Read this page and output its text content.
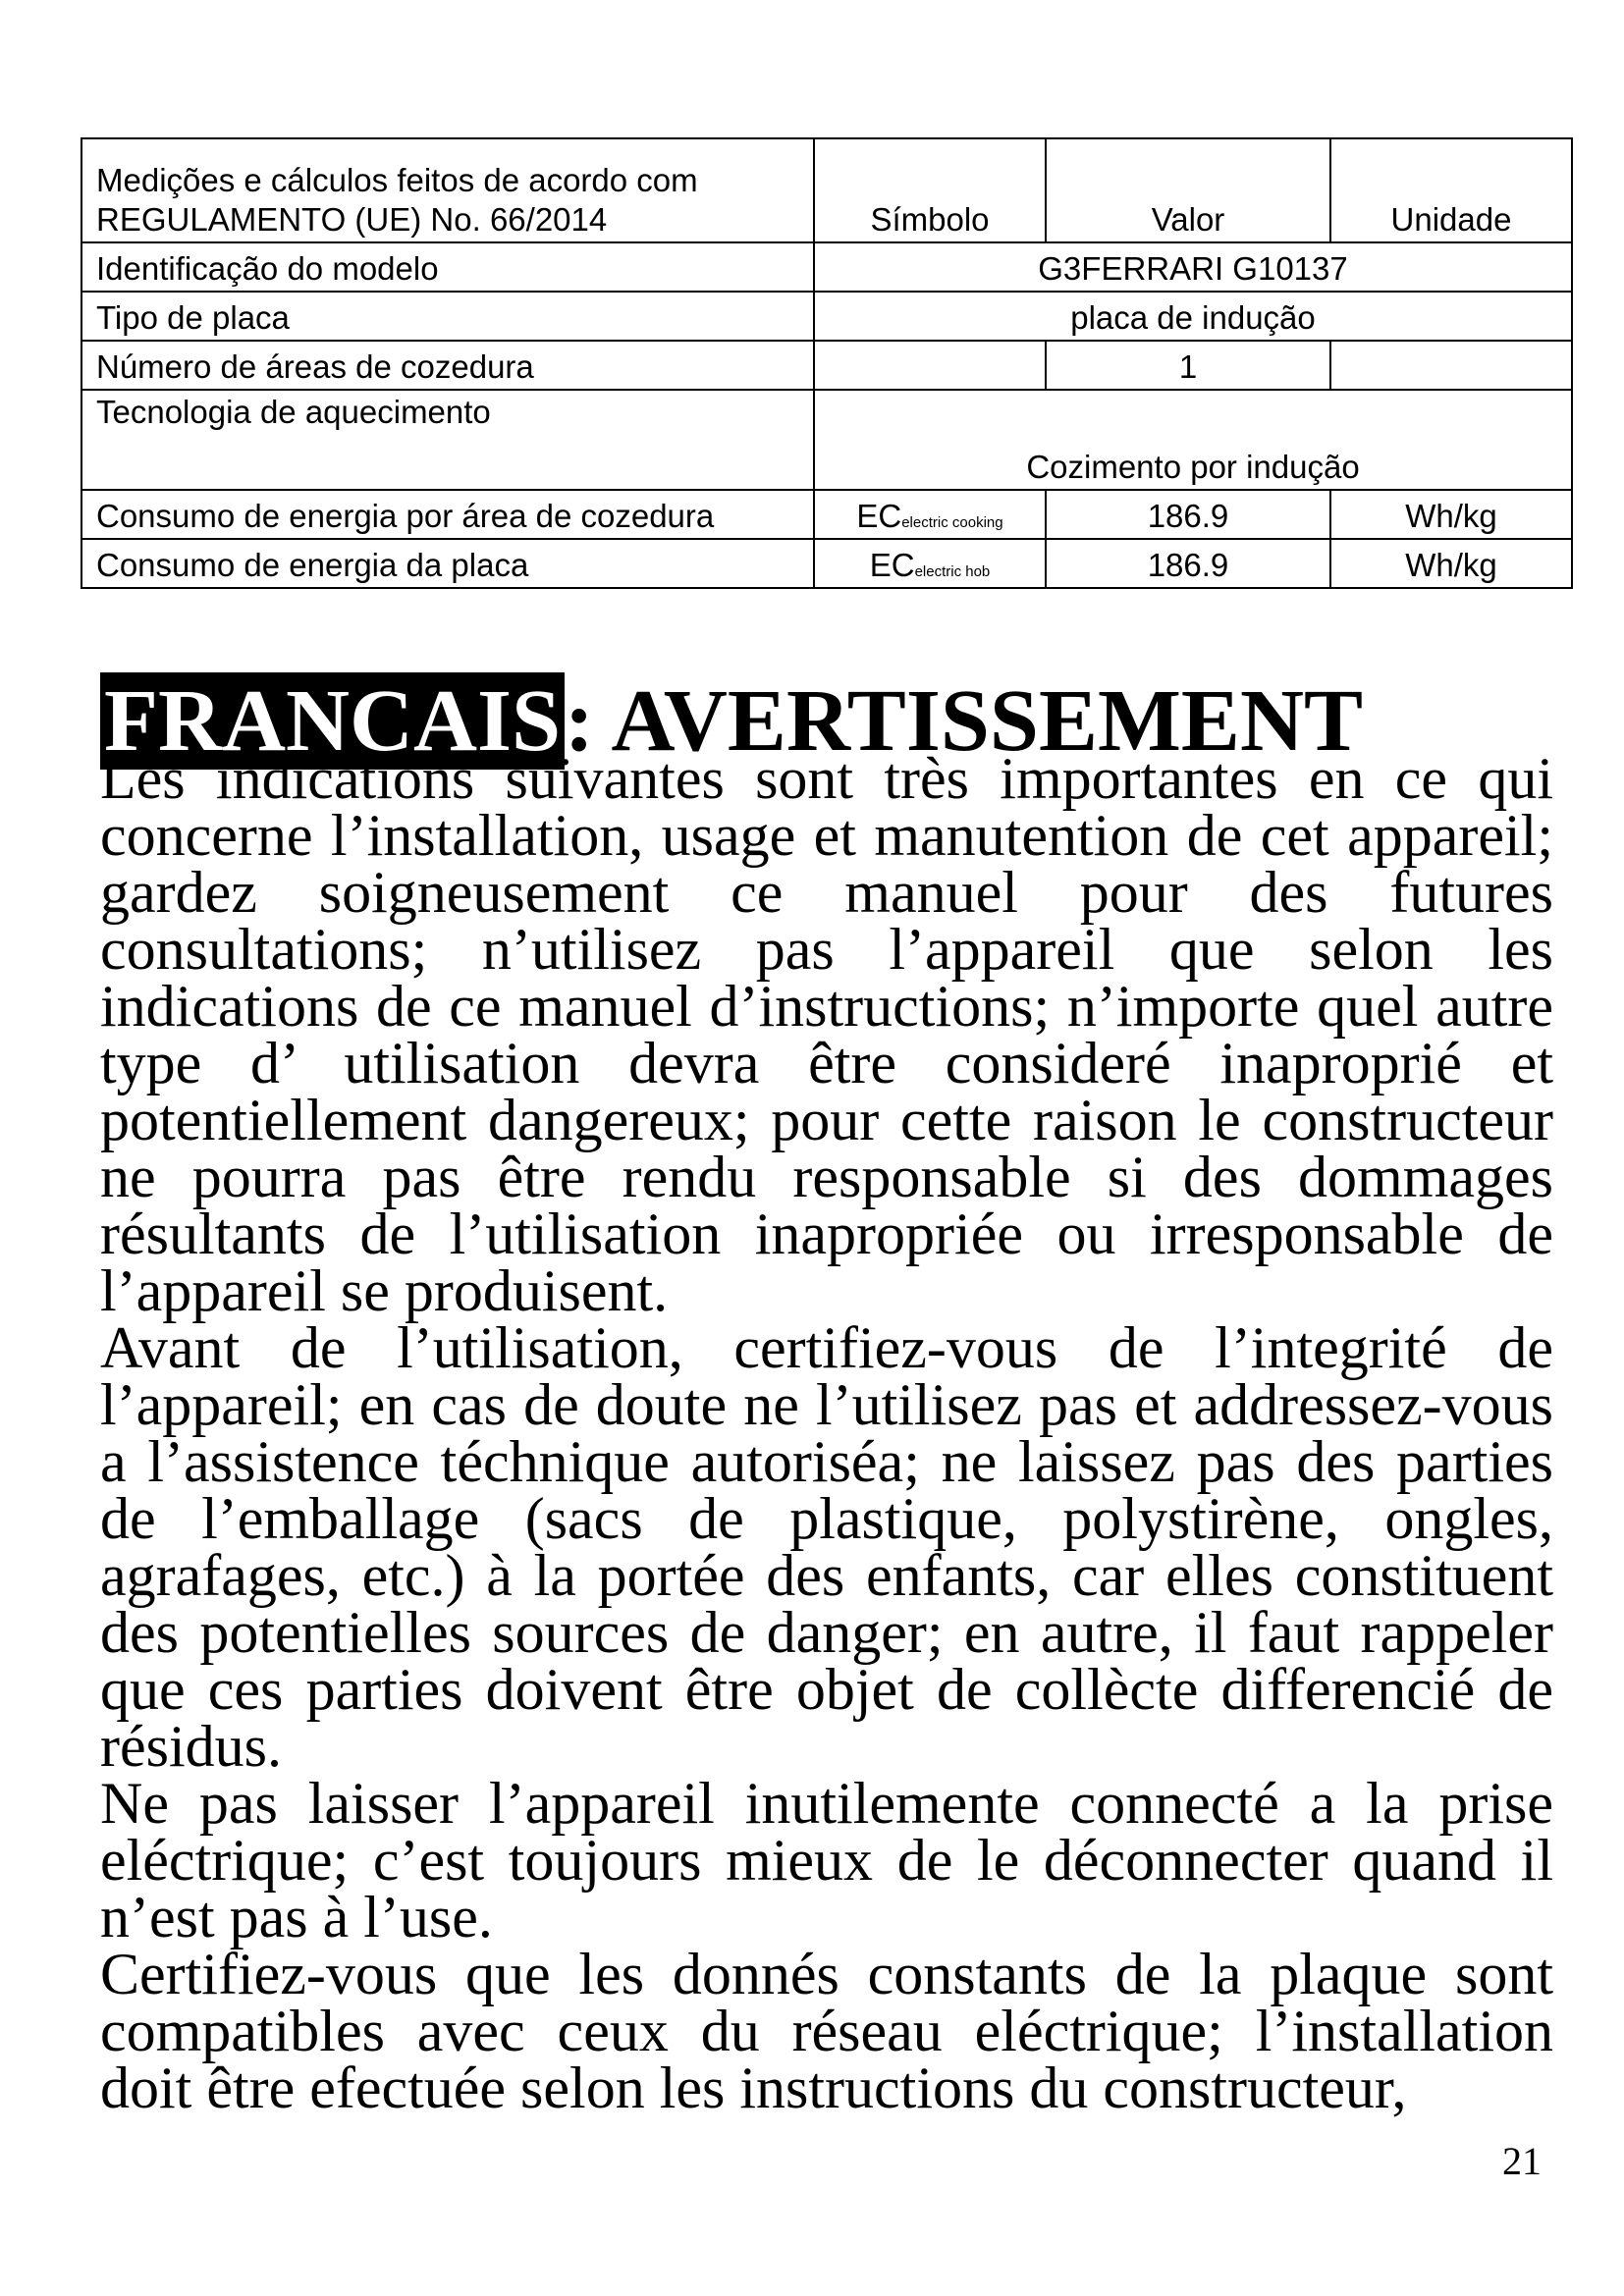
Medições e cálculos feitos de acordo com
REGULAMENTO (UE) No. 66/2014	Símbolo	Valor	Unidade
Identificação do modelo	G3FERRARI G10137		
Tipo de placa	placa de indução		
Número de áreas de cozedura		1	
Tecnologia de aquecimento	Cozimento por indução		
Consumo de energia por área de cozedura	ECelectric cooking	186.9	Wh/kg
Consumo de energia da placa	ECelectric hob	186.9	Wh/kg
FRANCAIS: AVERTISSEMENT

Les indications suivantes sont très importantes en ce qui concerne l’installation, usage et manutention de cet appareil; gardez soigneusement ce manuel pour des futures consultations; n’utilisez pas l’appareil que selon les indications de ce manuel d’instructions; n’importe quel autre type d’ utilisation devra être consideré inaproprié et potentiellement dangereux; pour cette raison le constructeur ne pourra pas être rendu responsable si des dommages résultants de l’utilisation inapropriée ou irresponsable de l’appareil se produisent.

Avant de l’utilisation, certifiez-vous de l’integrité de l’appareil; en cas de doute ne l’utilisez pas et addressez-vous a l’assistence téchnique autoriséa; ne laissez pas des parties de l’emballage (sacs de plastique, polystirène, ongles, agrafages, etc.) à la portée des enfants, car elles constituent des potentielles sources de danger; en autre, il faut rappeler que ces parties doivent être objet de collècte differencié de résidus.

Ne pas laisser l’appareil inutilemente connecté a la prise eléctrique; c’est toujours mieux de le déconnecter quand il n’est pas à l’use.

Certifiez-vous que les donnés constants de la plaque sont compatibles avec ceux du réseau eléctrique; l’installation doit être efectuée selon les instructions du constructeur,

21
